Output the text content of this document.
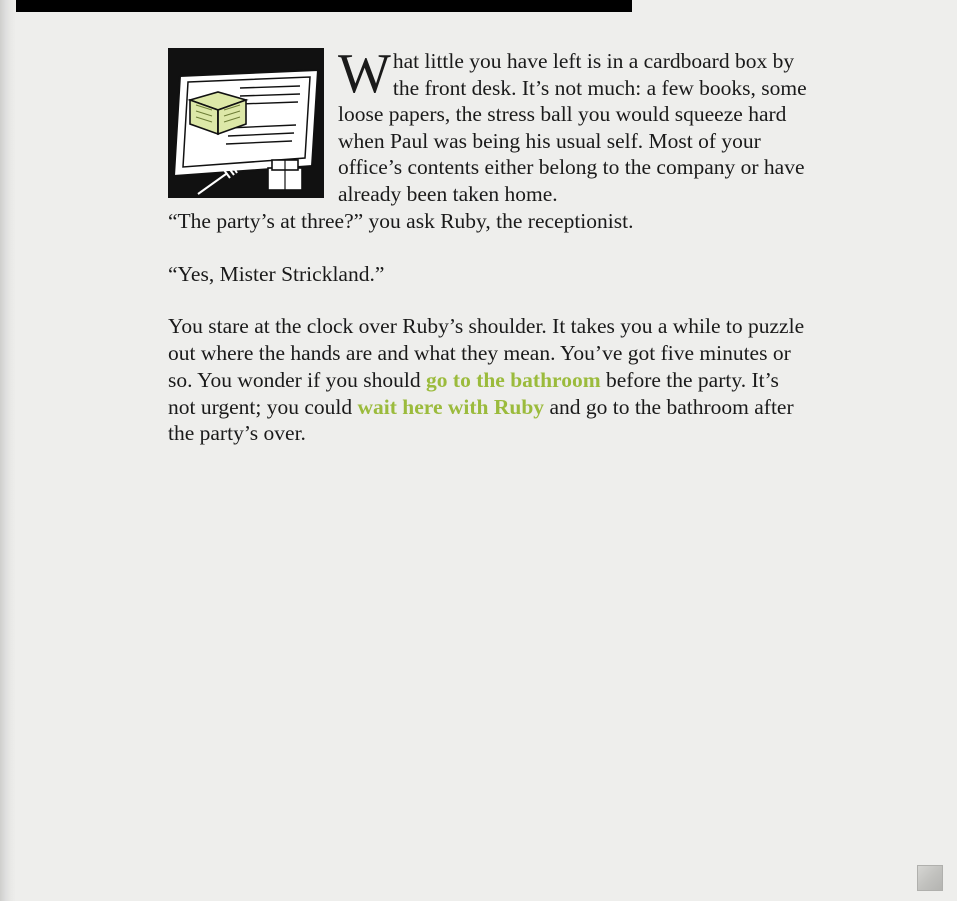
What little you have left is in a cardboard box by the front desk. It’s not much: a few books, some loose papers, the stress ball you would squeeze hard when Paul was being his usual self. Most of your office’s contents either belong to the company or have already been taken home.

“The party’s at three?” you ask Ruby, the receptionist.

“Yes, Mister Strickland.”

You stare at the clock over Ruby’s shoulder. It takes you a while to puzzle out where the hands are and what they mean. You’ve got five minutes or so. You wonder if you should go to the bathroom before the party. It’s not urgent; you could wait here with Ruby and go to the bathroom after the party’s over.
